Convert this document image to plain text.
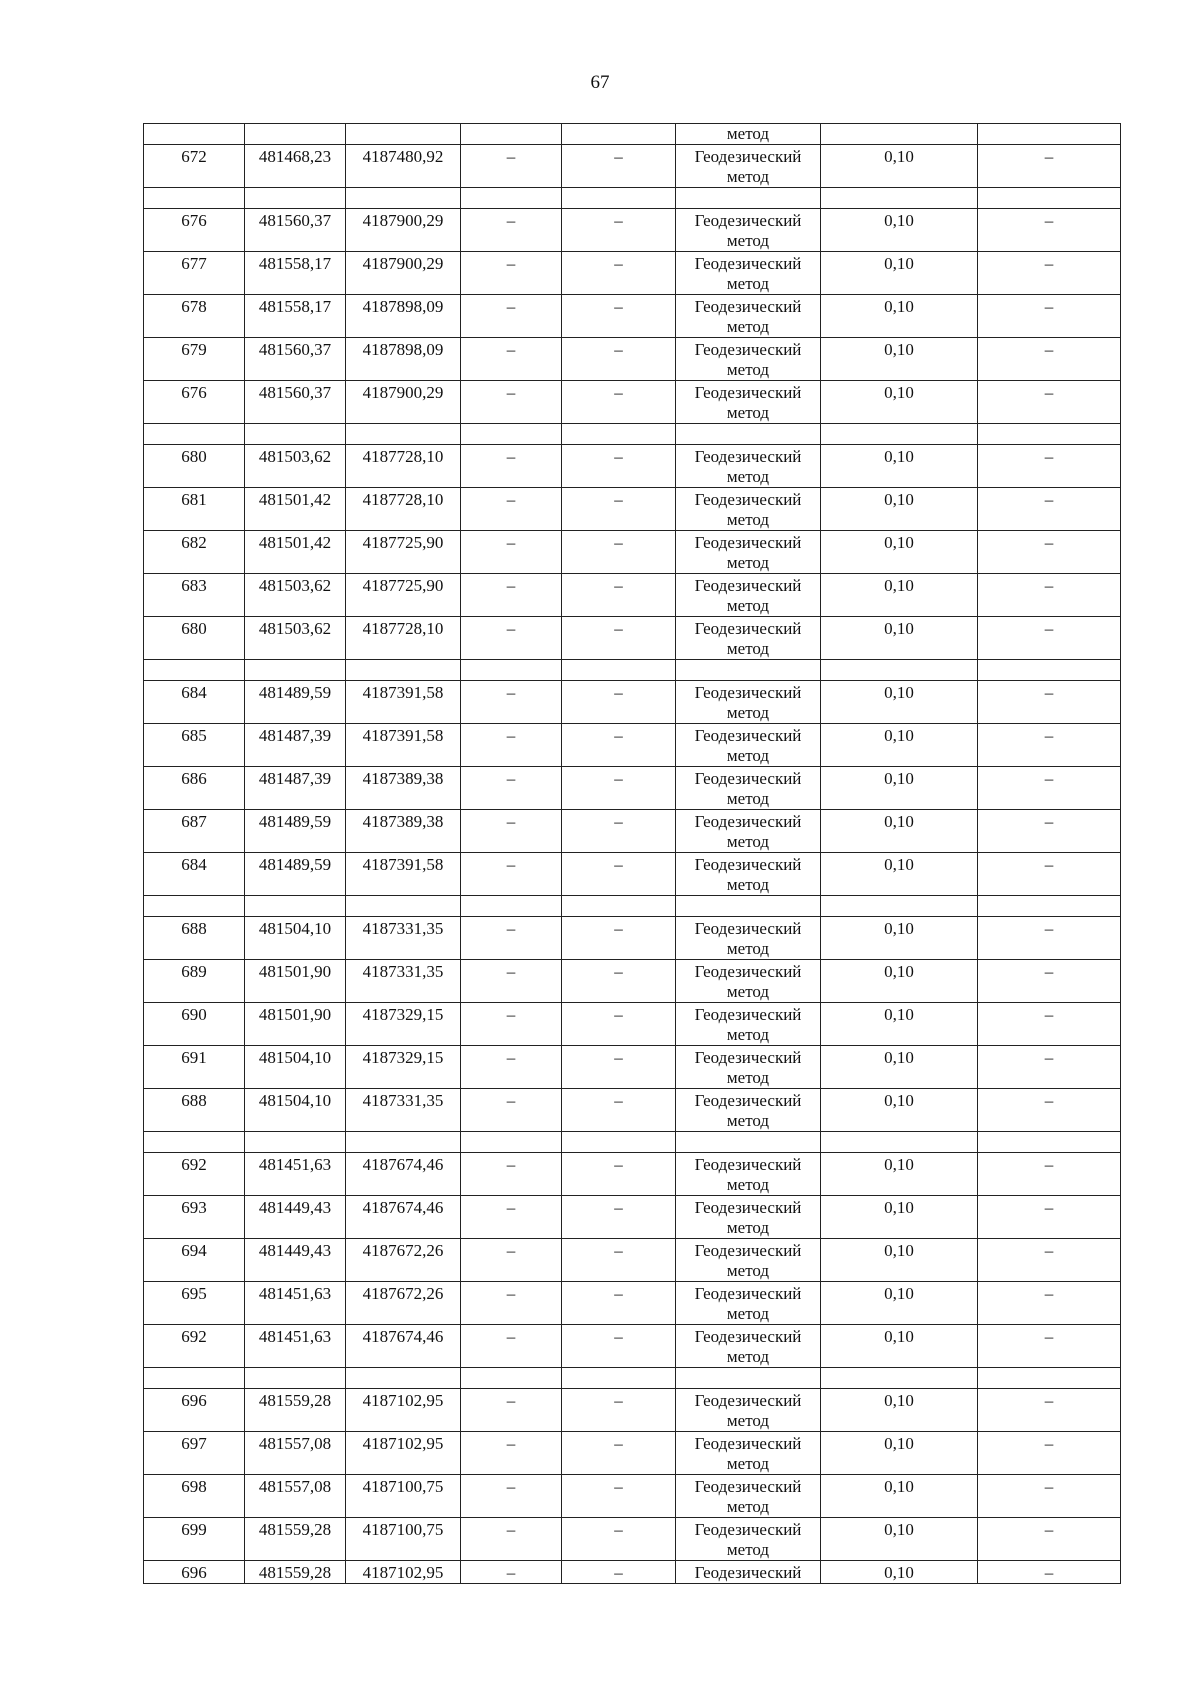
67
					метод		

672	481468,23	4187480,92	–	–	Геодезический
метод	0,10	–

676	481560,37	4187900,29	–	–	Геодезический
метод	0,10	–

677	481558,17	4187900,29	–	–	Геодезический
метод	0,10	–

678	481558,17	4187898,09	–	–	Геодезический
метод	0,10	–

679	481560,37	4187898,09	–	–	Геодезический
метод	0,10	–

676	481560,37	4187900,29	–	–	Геодезический
метод	0,10	–

680	481503,62	4187728,10	–	–	Геодезический
метод	0,10	–

681	481501,42	4187728,10	–	–	Геодезический
метод	0,10	–

682	481501,42	4187725,90	–	–	Геодезический
метод	0,10	–

683	481503,62	4187725,90	–	–	Геодезический
метод	0,10	–

680	481503,62	4187728,10	–	–	Геодезический
метод	0,10	–

684	481489,59	4187391,58	–	–	Геодезический
метод	0,10	–

685	481487,39	4187391,58	–	–	Геодезический
метод	0,10	–

686	481487,39	4187389,38	–	–	Геодезический
метод	0,10	–

687	481489,59	4187389,38	–	–	Геодезический
метод	0,10	–

684	481489,59	4187391,58	–	–	Геодезический
метод	0,10	–

688	481504,10	4187331,35	–	–	Геодезический
метод	0,10	–

689	481501,90	4187331,35	–	–	Геодезический
метод	0,10	–

690	481501,90	4187329,15	–	–	Геодезический
метод	0,10	–

691	481504,10	4187329,15	–	–	Геодезический
метод	0,10	–

688	481504,10	4187331,35	–	–	Геодезический
метод	0,10	–

692	481451,63	4187674,46	–	–	Геодезический
метод	0,10	–

693	481449,43	4187674,46	–	–	Геодезический
метод	0,10	–

694	481449,43	4187672,26	–	–	Геодезический
метод	0,10	–

695	481451,63	4187672,26	–	–	Геодезический
метод	0,10	–

692	481451,63	4187674,46	–	–	Геодезический
метод	0,10	–

696	481559,28	4187102,95	–	–	Геодезический
метод	0,10	–

697	481557,08	4187102,95	–	–	Геодезический
метод	0,10	–

698	481557,08	4187100,75	–	–	Геодезический
метод	0,10	–

699	481559,28	4187100,75	–	–	Геодезический
метод	0,10	–

696	481559,28	4187102,95	–	–	Геодезический	0,10	–
